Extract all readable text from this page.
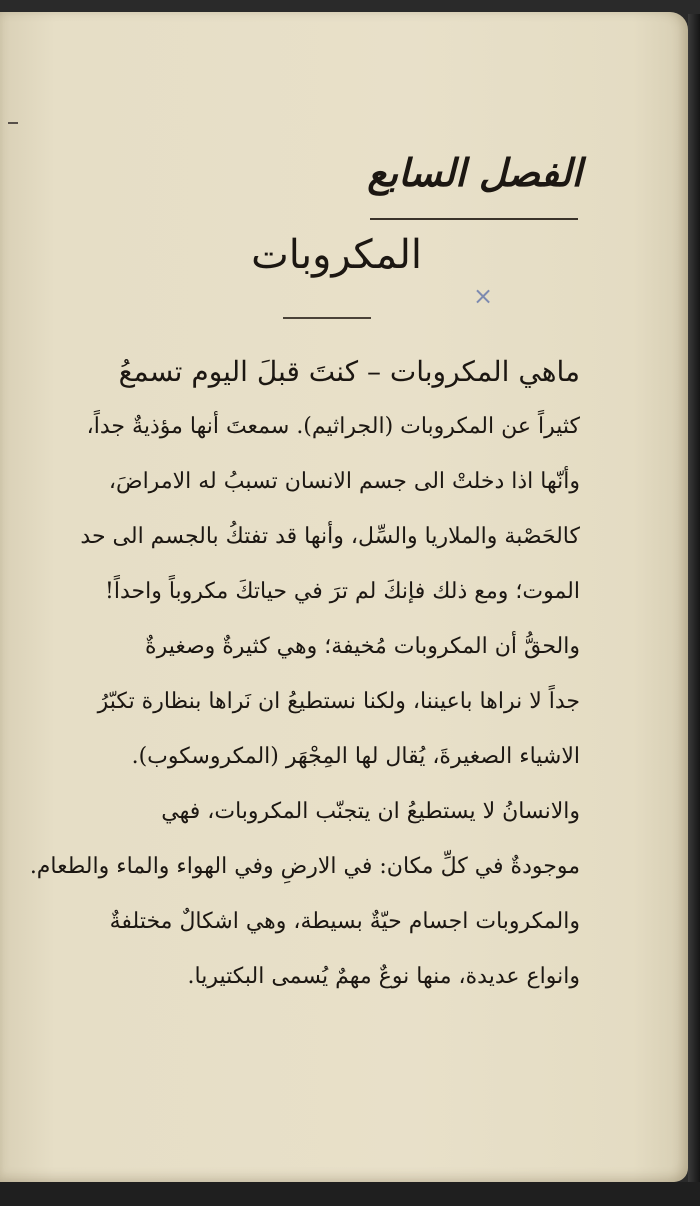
الفصل السابع
المكروبات
×
ماهي المكروبات – كنتَ قبلَ اليوم تسمعُ
كثيراً عن المكروبات (الجراثيم). سمعتَ أنها مؤذيةٌ جداً،
وأنّها اذا دخلتْ الى جسم الانسان تسببُ له الامراضَ،
كالحَصْبة والملاريا والسِّل، وأنها قد تفتكُ بالجسم الى حد
الموت؛ ومع ذلك فإنكَ لم ترَ في حياتكَ مكروباً واحداً!
والحقُّ أن المكروبات مُخيفة؛ وهي كثيرةٌ وصغيرةٌ
جداً لا نراها باعيننا، ولكنا نستطيعُ ان نَراها بنظارة تكبّرُ
الاشياء الصغيرةَ، يُقال لها المِجْهَر (المكروسكوب).
والانسانُ لا يستطيعُ ان يتجنّب المكروبات، فهي
موجودةٌ في كلِّ مكان: في الارضِ وفي الهواء والماء والطعام.
والمكروبات اجسام حيّةٌ بسيطة، وهي اشكالٌ مختلفةٌ
وانواع عديدة، منها نوعٌ مهمٌ يُسمى البكتيريا.
